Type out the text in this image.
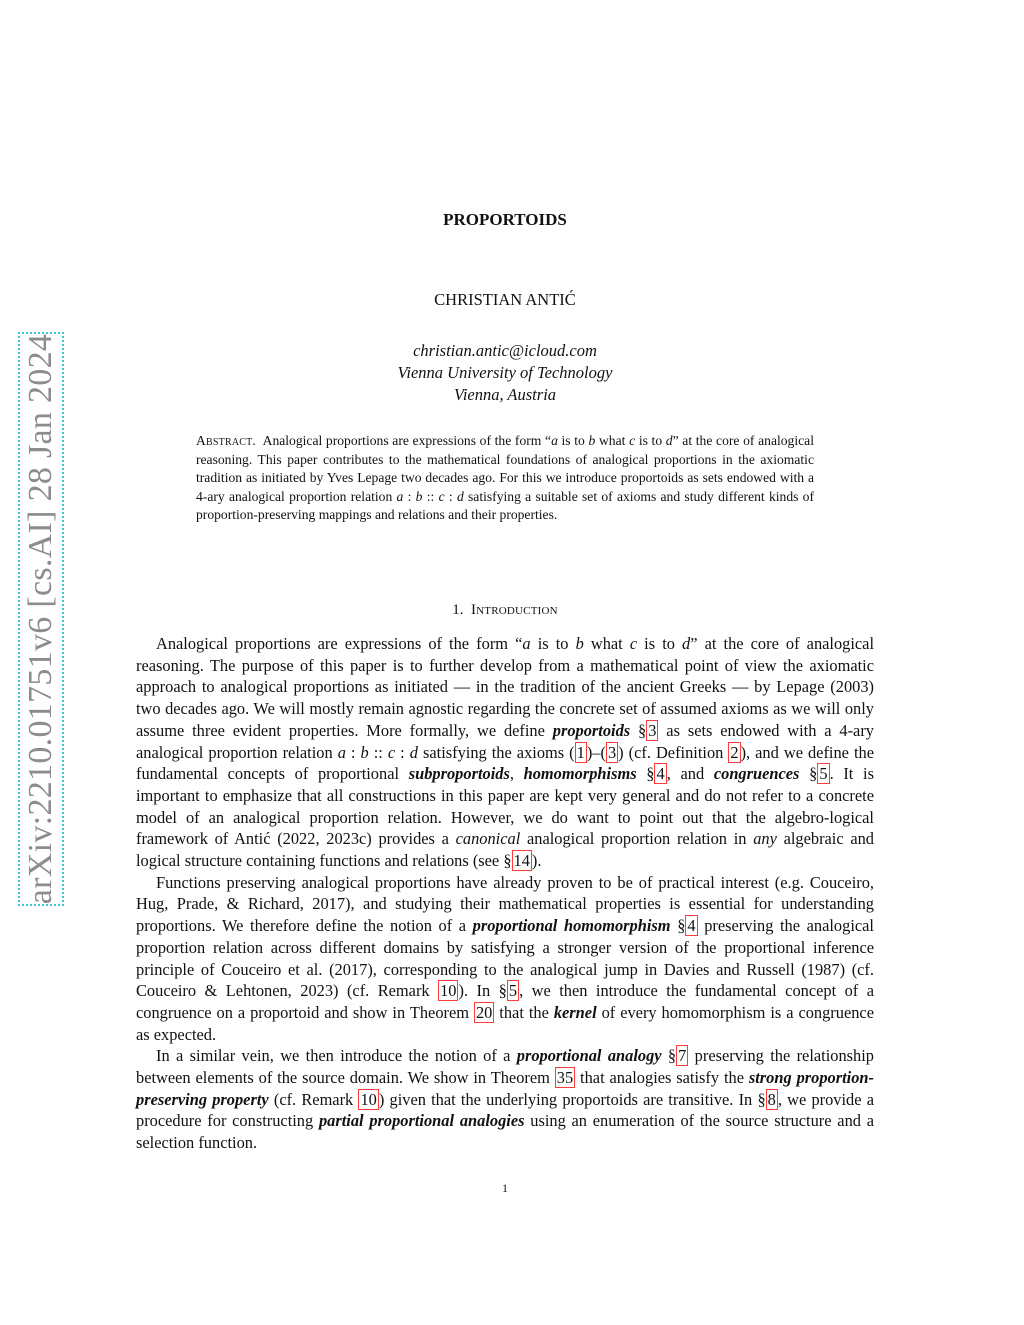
arXiv:2210.01751v6 [cs.AI] 28 Jan 2024
PROPORTOIDS
CHRISTIAN ANTIĆ
christian.antic@icloud.com
Vienna University of Technology
Vienna, Austria
Abstract. Analogical proportions are expressions of the form “a is to b what c is to d” at the core of analogical reasoning. This paper contributes to the mathematical foundations of analogical proportions in the axiomatic tradition as initiated by Yves Lepage two decades ago. For this we introduce proportoids as sets endowed with a 4-ary analogical proportion relation a : b :: c : d satisfying a suitable set of axioms and study different kinds of proportion-preserving mappings and relations and their properties.
1. Introduction

Analogical proportions are expressions of the form “a is to b what c is to d” at the core of analogical reasoning. The purpose of this paper is to further develop from a mathematical point of view the axiomatic approach to analogical proportions as initiated — in the tradition of the ancient Greeks — by Lepage (2003) two decades ago. We will mostly remain agnostic regarding the concrete set of assumed axioms as we will only assume three evident properties. More formally, we define proportoids § 3 as sets endowed with a 4-ary analogical proportion relation a : b :: c : d satisfying the axioms ( 1 )–( 3 ) (cf. Definition 2 ), and we define the fundamental concepts of proportional subproportoids, homomorphisms § 4 , and congruences § 5 . It is important to emphasize that all constructions in this paper are kept very general and do not refer to a concrete model of an analogical proportion relation. However, we do want to point out that the algebro-logical framework of Antić (2022, 2023c) provides a canonical analogical proportion relation in any algebraic and logical structure containing functions and relations (see § 14 ).

Functions preserving analogical proportions have already proven to be of practical interest (e.g. Couceiro, Hug, Prade, & Richard, 2017), and studying their mathematical properties is essential for understanding proportions. We therefore define the notion of a proportional homomorphism § 4 preserving the analogical proportion relation across different domains by satisfying a stronger version of the proportional inference principle of Couceiro et al. (2017), corresponding to the analogical jump in Davies and Russell (1987) (cf. Couceiro & Lehtonen, 2023) (cf. Remark 10 ). In § 5 , we then introduce the fundamental concept of a congruence on a proportoid and show in Theorem 20 that the kernel of every homomorphism is a congruence as expected.

In a similar vein, we then introduce the notion of a proportional analogy § 7 preserving the relationship between elements of the source domain. We show in Theorem 35 that analogies satisfy the strong proportion-preserving property (cf. Remark 10 ) given that the underlying proportoids are transitive. In § 8 , we provide a procedure for constructing partial proportional analogies using an enumeration of the source structure and a selection function.

1
